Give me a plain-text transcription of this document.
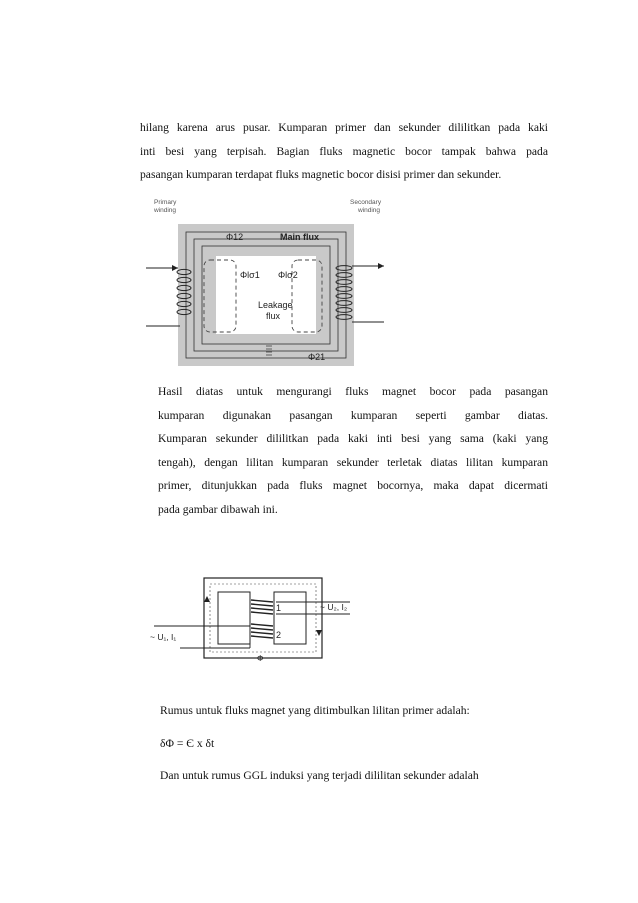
hilang karena arus pusar. Kumparan primer dan sekunder dililitkan pada kaki
inti besi yang terpisah. Bagian fluks magnetic bocor tampak bahwa pada
pasangan kumparan terdapat fluks magnetic bocor disisi primer dan sekunder.
Primary
winding
Secondary
winding
Φ12	Main flux
Φlσ1 Φlσ2
Leakage
flux
Φ21
Hasil diatas untuk mengurangi fluks magnet bocor pada pasangan
kumparan digunakan pasangan kumparan seperti gambar diatas.
Kumparan sekunder dililitkan pada kaki inti besi yang sama (kaki yang
tengah), dengan lilitan kumparan sekunder terletak diatas lilitan kumparan
primer, ditunjukkan pada fluks magnet bocornya, maka dapat dicermati
pada gambar dibawah ini.
1
2
~ U₂, I₂
~ U₁, I₁
Φ
Rumus untuk fluks magnet yang ditimbulkan lilitan primer adalah:
δΦ = Є x δt
Dan untuk rumus GGL induksi yang terjadi dililitan sekunder adalah
